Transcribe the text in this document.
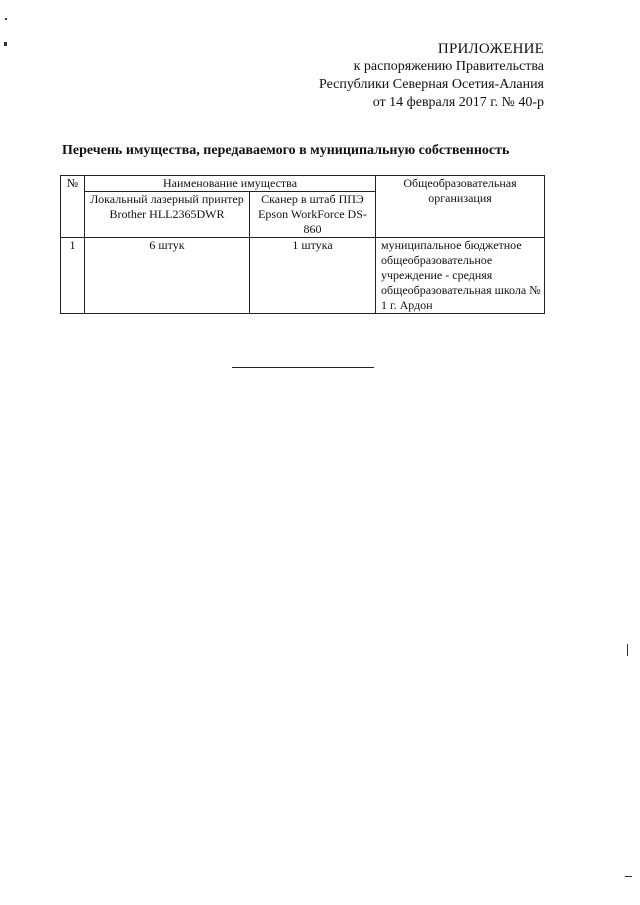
ПРИЛОЖЕНИЕ
к распоряжению Правительства
Республики Северная Осетия-Алания
от 14 февраля 2017 г. № 40-р
Перечень имущества, передаваемого в муниципальную собственность
№	Наименование имущества		Общеобразовательная организация
	Локальный лазерный принтер Brother HLL2365DWR	Сканер в штаб ППЭ Epson WorkForce DS-860	
1	6 штук	1 штука	муниципальное бюджетное общеобразовательное учреждение - средняя общеобразовательная школа № 1 г. Ардон
